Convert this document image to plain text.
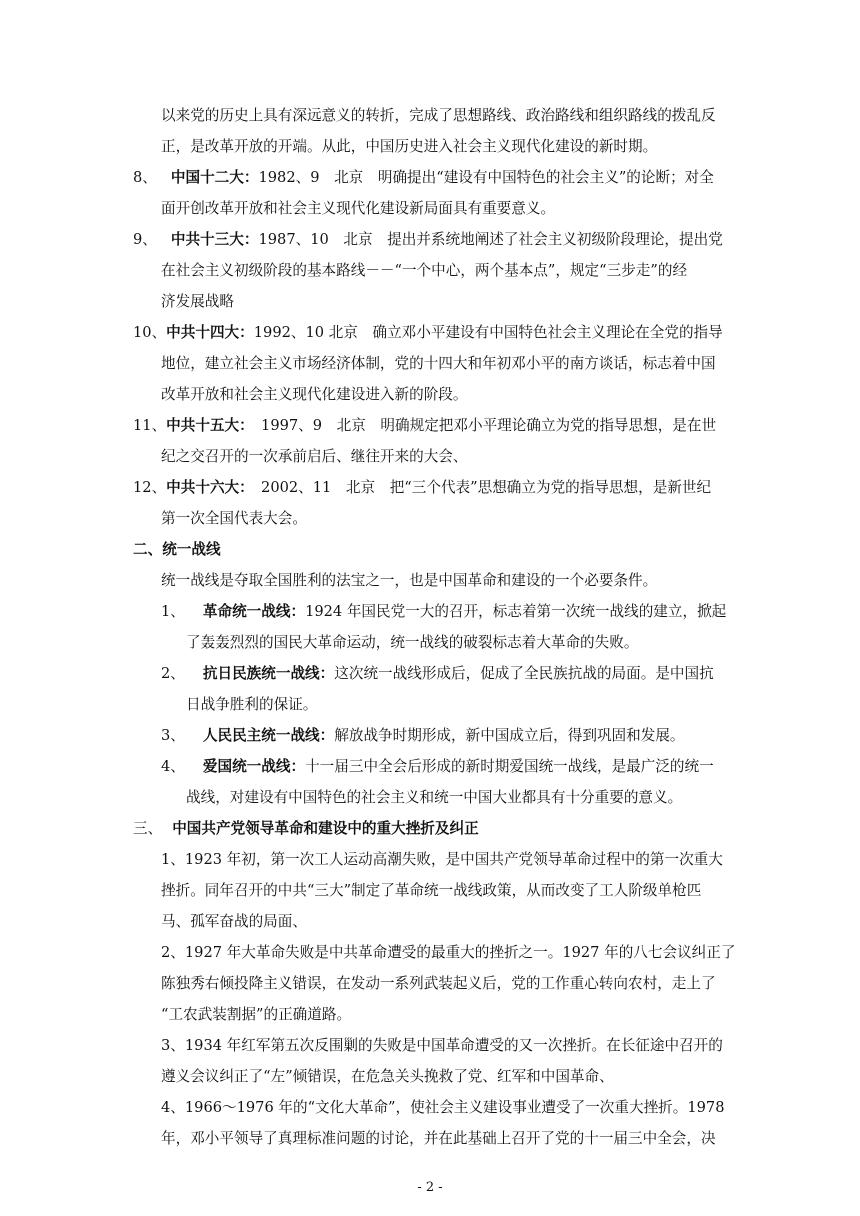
以来党的历史上具有深远意义的转折，完成了思想路线、政治路线和组织路线的拨乱反
正，是改革开放的开端。从此，中国历史进入社会主义现代化建设的新时期。
8、 中国十二大：1982、9　北京　明确提出“建设有中国特色的社会主义”的论断；对全
面开创改革开放和社会主义现代化建设新局面具有重要意义。
9、 中共十三大：1987、10　北京　提出并系统地阐述了社会主义初级阶段理论，提出党
在社会主义初级阶段的基本路线－－“一个中心，两个基本点”，规定“三步走”的经
济发展战略
10、中共十四大：1992、10 北京　确立邓小平建设有中国特色社会主义理论在全党的指导
地位，建立社会主义市场经济体制，党的十四大和年初邓小平的南方谈话，标志着中国
改革开放和社会主义现代化建设进入新的阶段。
11、中共十五大：　1997、9　北京　明确规定把邓小平理论确立为党的指导思想，是在世
纪之交召开的一次承前启后、继往开来的大会、
12、中共十六大：　2002、11　北京　把“三个代表”思想确立为党的指导思想，是新世纪
第一次全国代表大会。
二、统一战线
统一战线是夺取全国胜利的法宝之一，也是中国革命和建设的一个必要条件。
1、 革命统一战线：1924 年国民党一大的召开，标志着第一次统一战线的建立，掀起
了轰轰烈烈的国民大革命运动，统一战线的破裂标志着大革命的失败。
2、 抗日民族统一战线：这次统一战线形成后，促成了全民族抗战的局面。是中国抗
日战争胜利的保证。
3、 人民民主统一战线：解放战争时期形成，新中国成立后，得到巩固和发展。
4、 爱国统一战线：十一届三中全会后形成的新时期爱国统一战线，是最广泛的统一
战线，对建设有中国特色的社会主义和统一中国大业都具有十分重要的意义。
三、 中国共产党领导革命和建设中的重大挫折及纠正
1、1923 年初，第一次工人运动高潮失败，是中国共产党领导革命过程中的第一次重大
挫折。同年召开的中共“三大”制定了革命统一战线政策，从而改变了工人阶级单枪匹
马、孤军奋战的局面、
2、1927 年大革命失败是中共革命遭受的最重大的挫折之一。1927 年的八七会议纠正了
陈独秀右倾投降主义错误，在发动一系列武装起义后，党的工作重心转向农村，走上了
“工农武装割据”的正确道路。
3、1934 年红军第五次反围剿的失败是中国革命遭受的又一次挫折。在长征途中召开的
遵义会议纠正了“左”倾错误，在危急关头挽救了党、红军和中国革命、
4、1966～1976 年的“文化大革命”，使社会主义建设事业遭受了一次重大挫折。1978
年，邓小平领导了真理标准问题的讨论，并在此基础上召开了党的十一届三中全会，决
- 2 -
